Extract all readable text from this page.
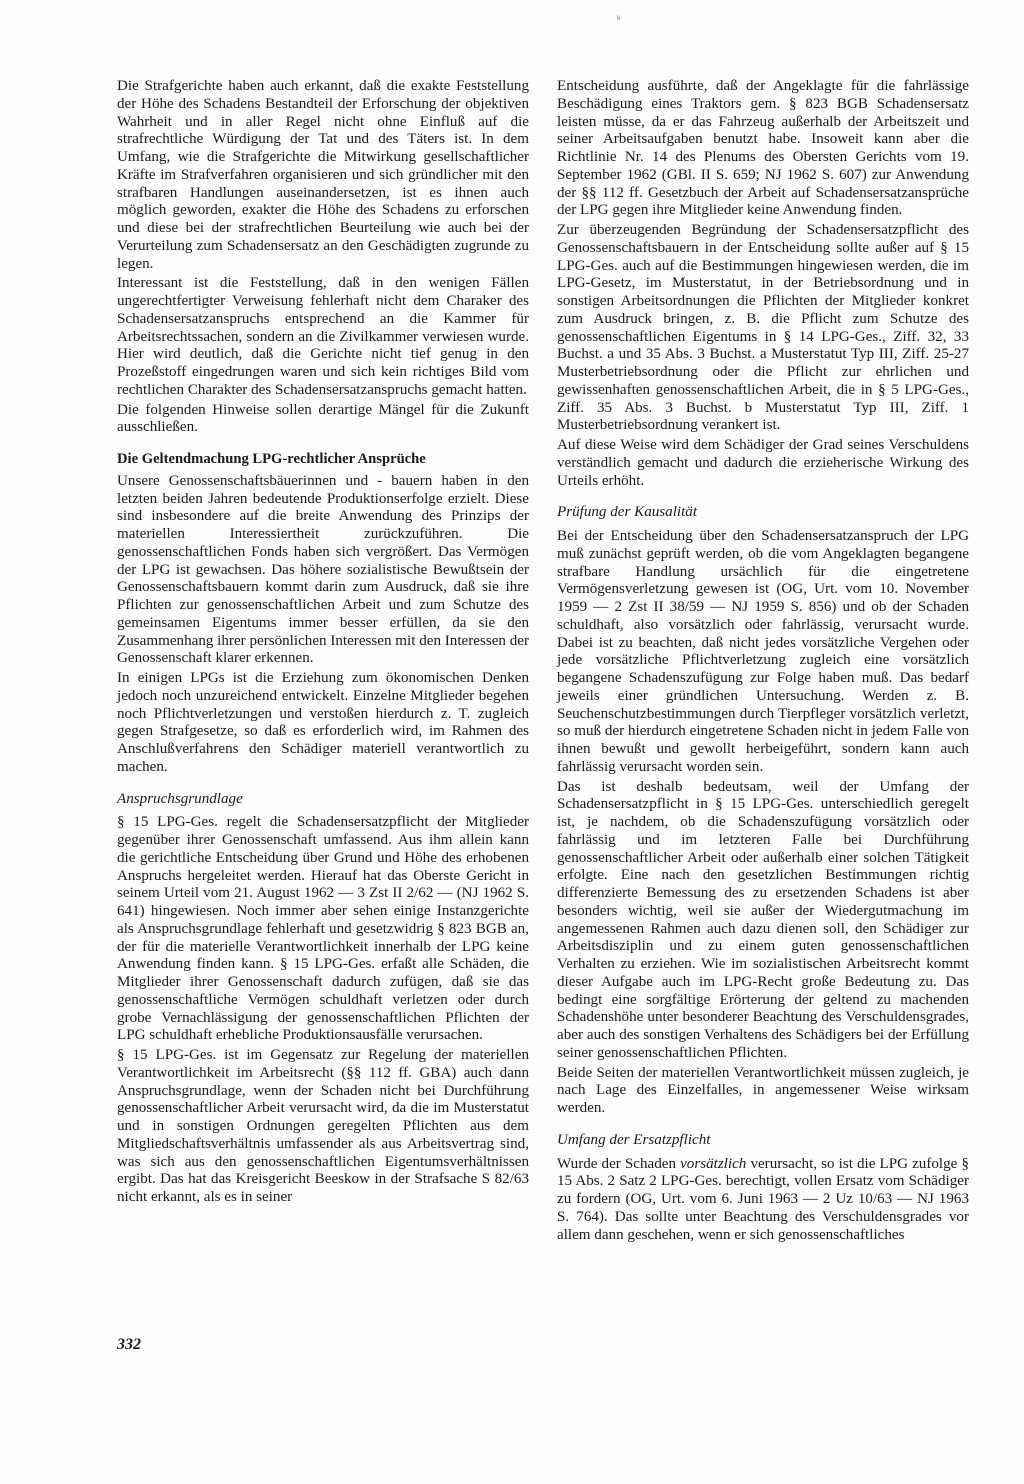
ᵇ

Die Strafgerichte haben auch erkannt, daß die exakte Feststellung der Höhe des Schadens Bestandteil der Erforschung der objektiven Wahrheit und in aller Regel nicht ohne Einfluß auf die strafrechtliche Würdigung der Tat und des Täters ist. In dem Umfang, wie die Strafgerichte die Mitwirkung gesellschaftlicher Kräfte im Strafverfahren organisieren und sich gründlicher mit den strafbaren Handlungen auseinandersetzen, ist es ihnen auch möglich geworden, exakter die Höhe des Schadens zu erforschen und diese bei der strafrechtlichen Beurteilung wie auch bei der Verurteilung zum Schadensersatz an den Geschädigten zugrunde zu legen.

Interessant ist die Feststellung, daß in den wenigen Fällen ungerechtfertigter Verweisung fehlerhaft nicht dem Charaker des Schadensersatzanspruchs entsprechend an die Kammer für Arbeitsrechtssachen, sondern an die Zivilkammer verwiesen wurde. Hier wird deutlich, daß die Gerichte nicht tief genug in den Prozeßstoff eingedrungen waren und sich kein richtiges Bild vom rechtlichen Charakter des Schadensersatzanspruchs gemacht hatten.

Die folgenden Hinweise sollen derartige Mängel für die Zukunft ausschließen.

Die Geltendmachung LPG-rechtlicher Ansprüche

Unsere Genossenschaftsbäuerinnen und - bauern haben in den letzten beiden Jahren bedeutende Produktionserfolge erzielt. Diese sind insbesondere auf die breite Anwendung des Prinzips der materiellen Interessiertheit zurückzuführen. Die genossenschaftlichen Fonds haben sich vergrößert. Das Vermögen der LPG ist gewachsen. Das höhere sozialistische Bewußtsein der Genossenschaftsbauern kommt darin zum Ausdruck, daß sie ihre Pflichten zur genossenschaftlichen Arbeit und zum Schutze des gemeinsamen Eigentums immer besser erfüllen, da sie den Zusammenhang ihrer persönlichen Interessen mit den Interessen der Genossenschaft klarer erkennen.

In einigen LPGs ist die Erziehung zum ökonomischen Denken jedoch noch unzureichend entwickelt. Einzelne Mitglieder begehen noch Pflichtverletzungen und verstoßen hierdurch z. T. zugleich gegen Strafgesetze, so daß es erforderlich wird, im Rahmen des Anschlußverfahrens den Schädiger materiell verantwortlich zu machen.

Anspruchsgrundlage

§ 15 LPG-Ges. regelt die Schadensersatzpflicht der Mitglieder gegenüber ihrer Genossenschaft umfassend. Aus ihm allein kann die gerichtliche Entscheidung über Grund und Höhe des erhobenen Anspruchs hergeleitet werden. Hierauf hat das Oberste Gericht in seinem Urteil vom 21. August 1962 — 3 Zst II 2/62 — (NJ 1962 S. 641) hingewiesen. Noch immer aber sehen einige Instanzgerichte als Anspruchsgrundlage fehlerhaft und gesetzwidrig § 823 BGB an, der für die materielle Verantwortlichkeit innerhalb der LPG keine Anwendung finden kann. § 15 LPG-Ges. erfaßt alle Schäden, die Mitglieder ihrer Genossenschaft dadurch zufügen, daß sie das genossenschaftliche Vermögen schuldhaft verletzen oder durch grobe Vernachlässigung der genossenschaftlichen Pflichten der LPG schuldhaft erhebliche Produktionsausfälle verursachen.

§ 15 LPG-Ges. ist im Gegensatz zur Regelung der materiellen Verantwortlichkeit im Arbeitsrecht (§§ 112 ff. GBA) auch dann Anspruchsgrundlage, wenn der Schaden nicht bei Durchführung genossenschaftlicher Arbeit verursacht wird, da die im Musterstatut und in sonstigen Ordnungen geregelten Pflichten aus dem Mitgliedschaftsverhältnis umfassender als aus Arbeitsvertrag sind, was sich aus den genossenschaftlichen Eigentumsverhältnissen ergibt. Das hat das Kreisgericht Beeskow in der Strafsache S 82/63 nicht erkannt, als es in seiner

Entscheidung ausführte, daß der Angeklagte für die fahrlässige Beschädigung eines Traktors gem. § 823 BGB Schadensersatz leisten müsse, da er das Fahrzeug außerhalb der Arbeitszeit und seiner Arbeitsaufgaben benutzt habe. Insoweit kann aber die Richtlinie Nr. 14 des Plenums des Obersten Gerichts vom 19. September 1962 (GBl. II S. 659; NJ 1962 S. 607) zur Anwendung der §§ 112 ff. Gesetzbuch der Arbeit auf Schadensersatzansprüche der LPG gegen ihre Mitglieder keine Anwendung finden.

Zur überzeugenden Begründung der Schadensersatzpflicht des Genossenschaftsbauern in der Entscheidung sollte außer auf § 15 LPG-Ges. auch auf die Bestimmungen hingewiesen werden, die im LPG-Gesetz, im Musterstatut, in der Betriebsordnung und in sonstigen Arbeitsordnungen die Pflichten der Mitglieder konkret zum Ausdruck bringen, z. B. die Pflicht zum Schutze des genossenschaftlichen Eigentums in § 14 LPG-Ges., Ziff. 32, 33 Buchst. a und 35 Abs. 3 Buchst. a Musterstatut Typ III, Ziff. 25-27 Musterbetriebsordnung oder die Pflicht zur ehrlichen und gewissenhaften genossenschaftlichen Arbeit, die in § 5 LPG-Ges., Ziff. 35 Abs. 3 Buchst. b Musterstatut Typ III, Ziff. 1 Musterbetriebsordnung verankert ist.

Auf diese Weise wird dem Schädiger der Grad seines Verschuldens verständlich gemacht und dadurch die erzieherische Wirkung des Urteils erhöht.

Prüfung der Kausalität

Bei der Entscheidung über den Schadensersatzanspruch der LPG muß zunächst geprüft werden, ob die vom Angeklagten begangene strafbare Handlung ursächlich für die eingetretene Vermögensverletzung gewesen ist (OG, Urt. vom 10. November 1959 — 2 Zst II 38/59 — NJ 1959 S. 856) und ob der Schaden schuldhaft, also vorsätzlich oder fahrlässig, verursacht wurde. Dabei ist zu beachten, daß nicht jedes vorsätzliche Vergehen oder jede vorsätzliche Pflichtverletzung zugleich eine vorsätzlich begangene Schadenszufügung zur Folge haben muß. Das bedarf jeweils einer gründlichen Untersuchung. Werden z. B. Seuchenschutzbestimmungen durch Tierpfleger vorsätzlich verletzt, so muß der hierdurch eingetretene Schaden nicht in jedem Falle von ihnen bewußt und gewollt herbeigeführt, sondern kann auch fahrlässig verursacht worden sein.

Das ist deshalb bedeutsam, weil der Umfang der Schadensersatzpflicht in § 15 LPG-Ges. unterschiedlich geregelt ist, je nachdem, ob die Schadenszufügung vorsätzlich oder fahrlässig und im letzteren Falle bei Durchführung genossenschaftlicher Arbeit oder außerhalb einer solchen Tätigkeit erfolgte. Eine nach den gesetzlichen Bestimmungen richtig differenzierte Bemessung des zu ersetzenden Schadens ist aber besonders wichtig, weil sie außer der Wiedergutmachung im angemessenen Rahmen auch dazu dienen soll, den Schädiger zur Arbeitsdisziplin und zu einem guten genossenschaftlichen Verhalten zu erziehen. Wie im sozialistischen Arbeitsrecht kommt dieser Aufgabe auch im LPG-Recht große Bedeutung zu. Das bedingt eine sorgfältige Erörterung der geltend zu machenden Schadenshöhe unter besonderer Beachtung des Verschuldensgrades, aber auch des sonstigen Verhaltens des Schädigers bei der Erfüllung seiner genossenschaftlichen Pflichten.

Beide Seiten der materiellen Verantwortlichkeit müssen zugleich, je nach Lage des Einzelfalles, in angemessener Weise wirksam werden.

Umfang der Ersatzpflicht

Wurde der Schaden vorsätzlich verursacht, so ist die LPG zufolge § 15 Abs. 2 Satz 2 LPG-Ges. berechtigt, vollen Ersatz vom Schädiger zu fordern (OG, Urt. vom 6. Juni 1963 — 2 Uz 10/63 — NJ 1963 S. 764). Das sollte unter Beachtung des Verschuldensgrades vor allem dann geschehen, wenn er sich genossenschaftliches

332
